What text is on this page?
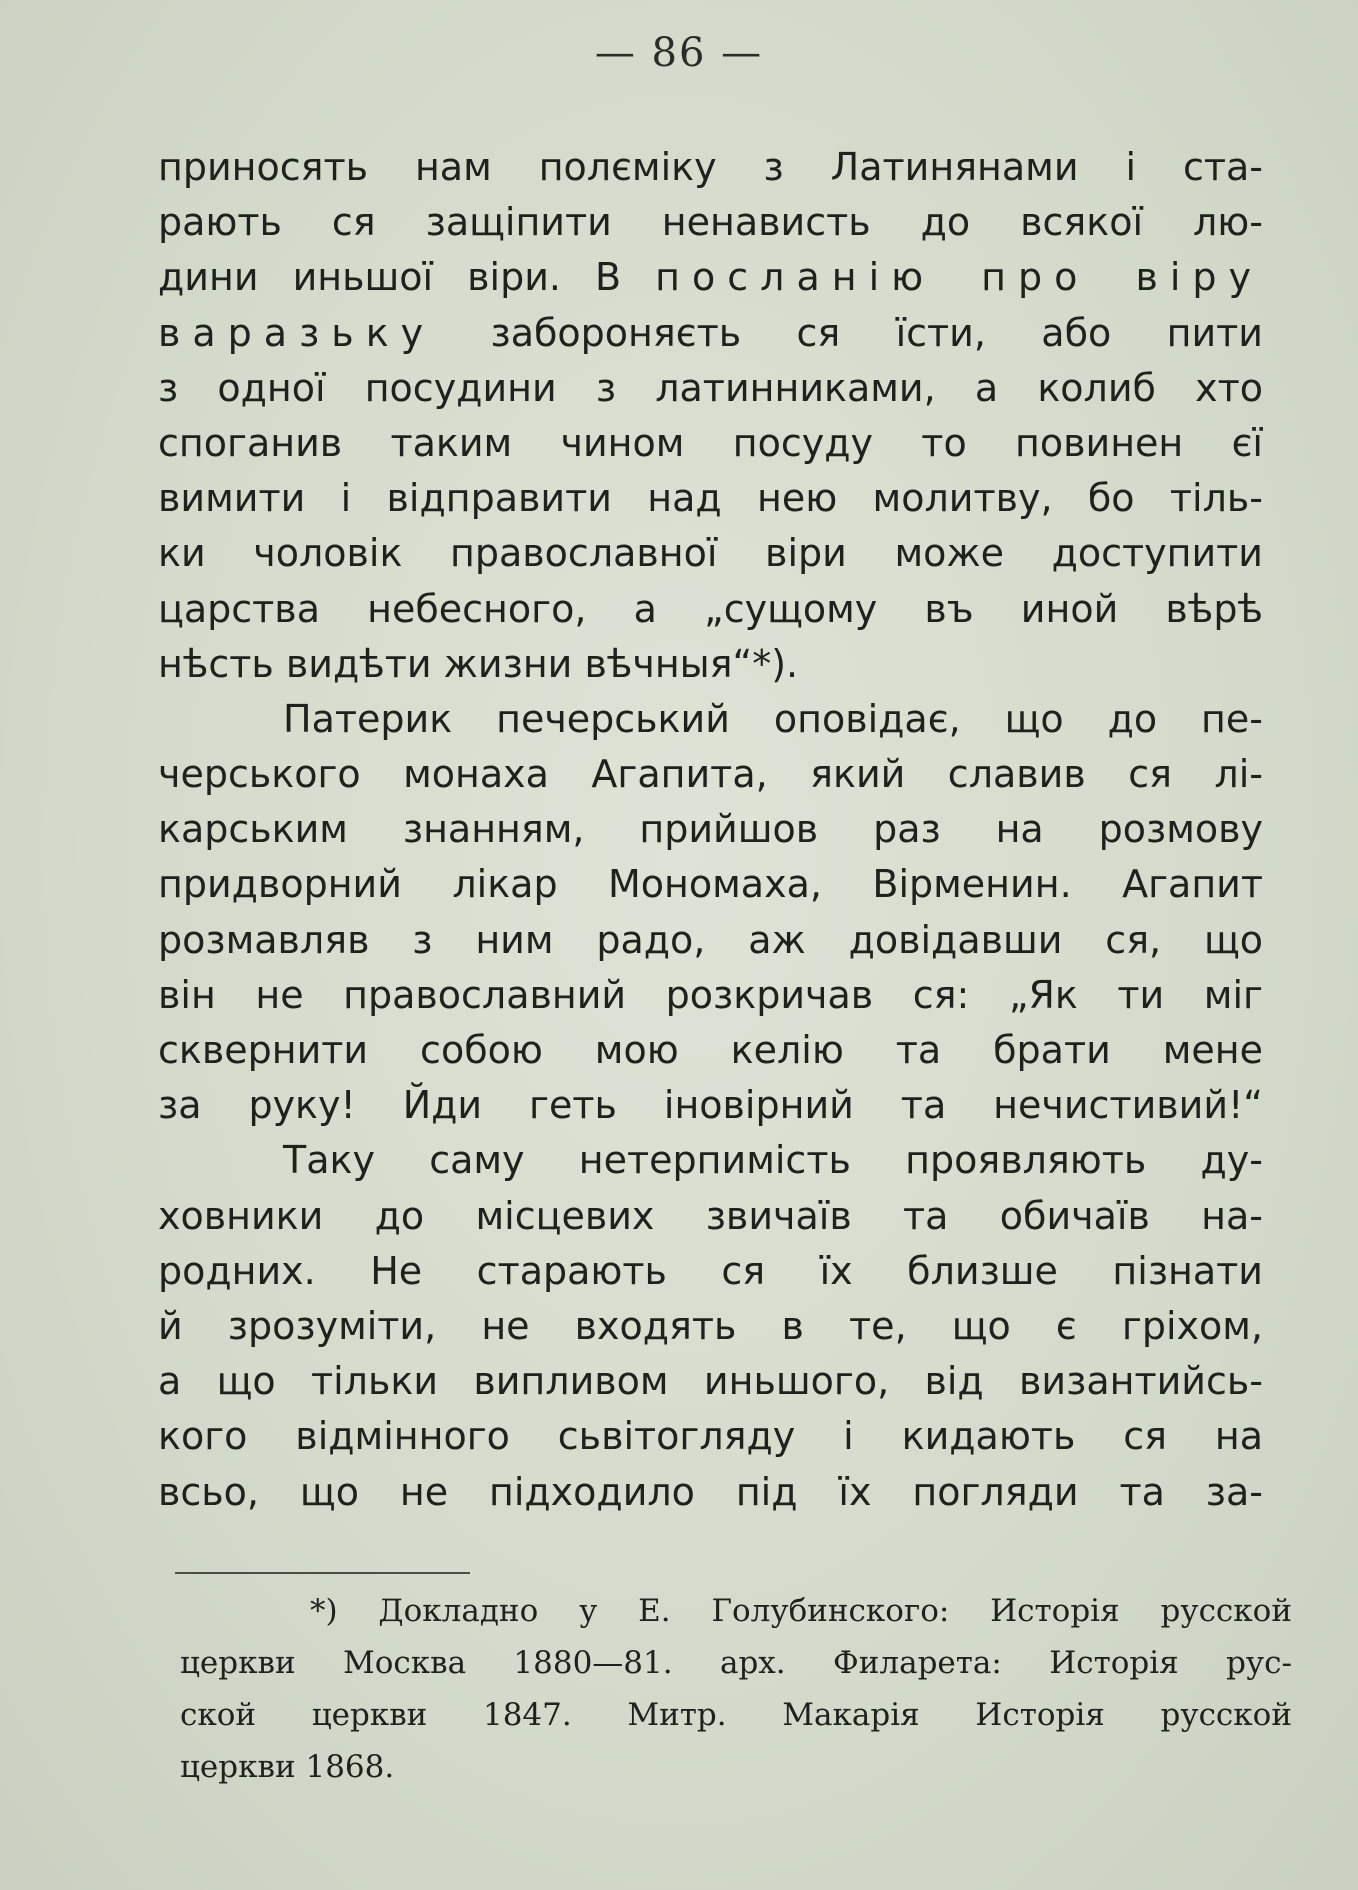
— 86 —
приносять нам полєміку з Латинянами і ста-
рають ся защіпити ненависть до всякої лю-
дини иньшої віри. В посланію про віру
варазьку забороняєть ся їсти, або пити
з одної посудини з латинниками, а колиб хто
споганив таким чином посуду то повинен єї
вимити і відправити над нею молитву, бо тіль-
ки чоловік православної віри може доступити
царства небесного, а „сущому въ иной вѣрѣ
нѣсть видѣти жизни вѣчныя“*).
Патерик печерський оповідає, що до пе-
черського монаха Агапита, який славив ся лі-
карським знанням, прийшов раз на розмову
придворний лікар Мономаха, Вірменин. Агапит
розмавляв з ним радо, аж довідавши ся, що
він не православний розкричав ся: „Як ти міг
сквернити собою мою келію та брати мене
за руку! Йди геть іновірний та нечистивий!“
Таку саму нетерпимість проявляють ду-
ховники до місцевих звичаїв та обичаїв на-
родних. Не старають ся їх близше пізнати
й зрозуміти, не входять в те, що є гріхом,
а що тільки випливом иньшого, від византийсь-
кого відмінного сьвітогляду і кидають ся на
всьо, що не підходило під їх погляди та за-
*) Докладно у Е. Голубинского: Исторія русской
церкви Москва 1880—81. арх. Филарета: Исторія рус-
ской церкви 1847. Митр. Макарія Исторія русской
церкви 1868.
